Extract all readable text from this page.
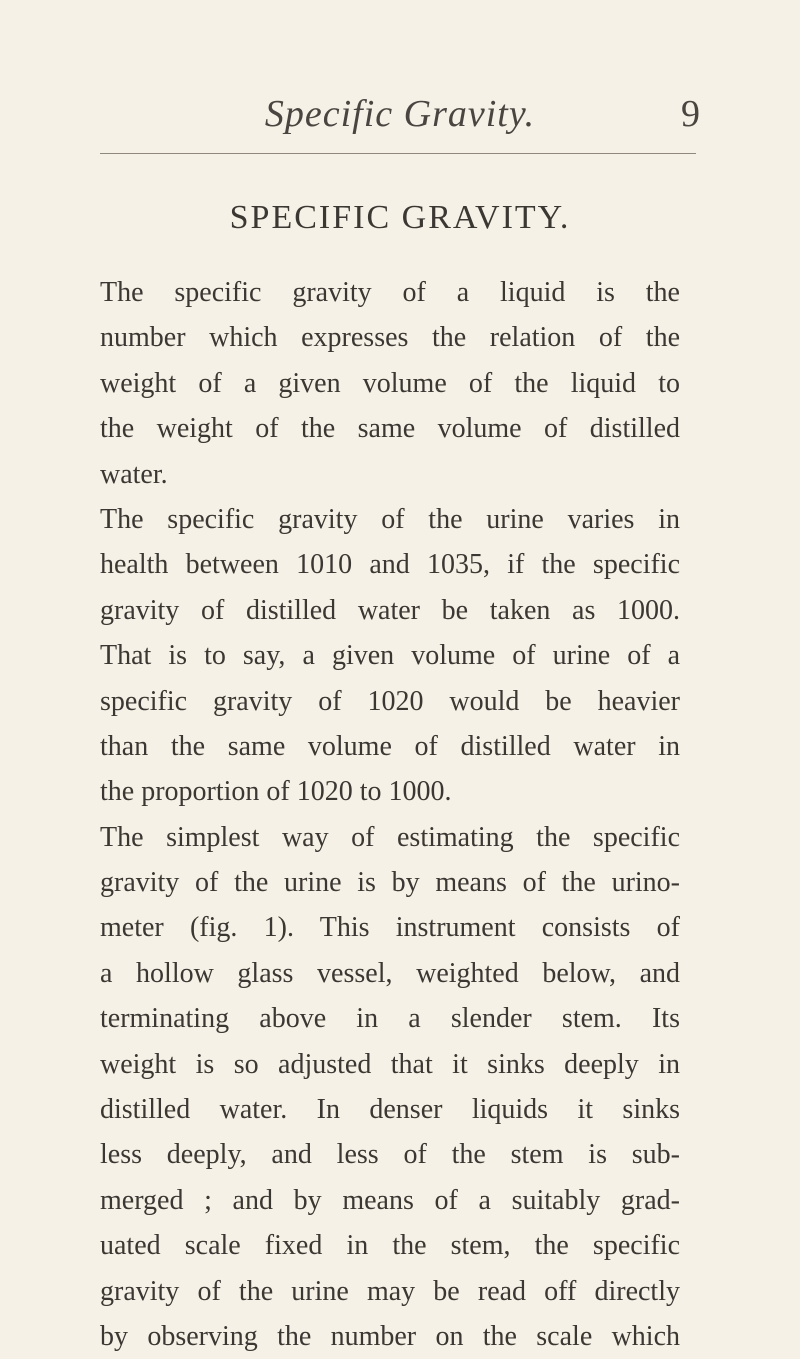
Specific Gravity.	9
SPECIFIC GRAVITY.
The specific gravity of a liquid is the
number which expresses the relation of the
weight of a given volume of the liquid to
the weight of the same volume of distilled
water.
The specific gravity of the urine varies in
health between 1010 and 1035, if the specific
gravity of distilled water be taken as 1000.
That is to say, a given volume of urine of a
specific gravity of 1020 would be heavier
than the same volume of distilled water in
the proportion of 1020 to 1000.
The simplest way of estimating the specific
gravity of the urine is by means of the urino-
meter (fig. 1). This instrument consists of
a hollow glass vessel, weighted below, and
terminating above in a slender stem. Its
weight is so adjusted that it sinks deeply in
distilled water. In denser liquids it sinks
less deeply, and less of the stem is sub-
merged ; and by means of a suitably grad-
uated scale fixed in the stem, the specific
gravity of the urine may be read off directly
by observing the number on the scale which
